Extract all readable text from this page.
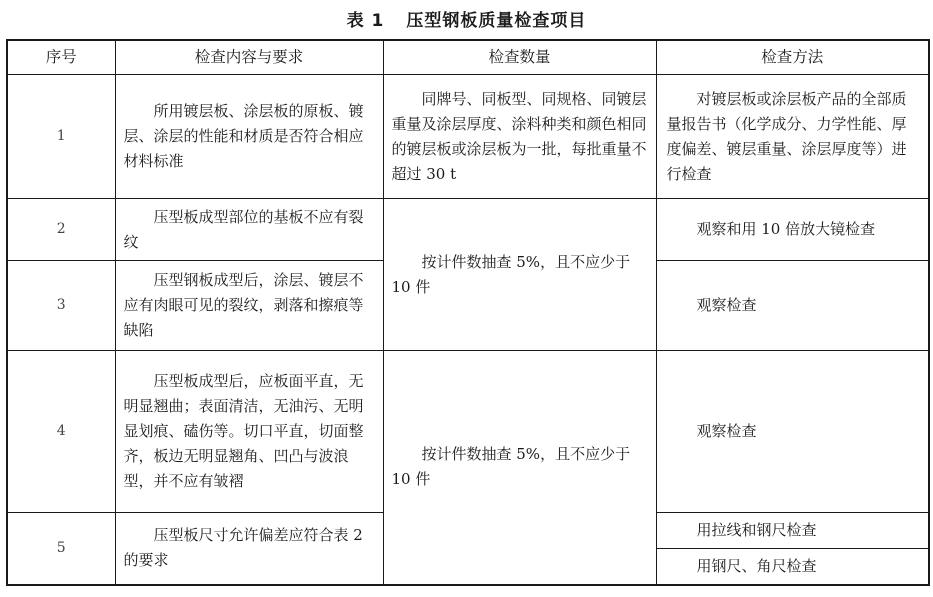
表 1 压型钢板质量检查项目
序号	检查内容与要求	检查数量	检查方法
1	所用镀层板、涂层板的原板、镀层、涂层的性能和材质是否符合相应材料标准	同牌号、同板型、同规格、同镀层重量及涂层厚度、涂料种类和颜色相同的镀层板或涂层板为一批，每批重量不超过 30 t	对镀层板或涂层板产品的全部质量报告书（化学成分、力学性能、厚度偏差、镀层重量、涂层厚度等）进行检查

2	压型板成型部位的基板不应有裂纹	按计件数抽查 5%，且不应少于 10 件	观察和用 10 倍放大镜检查

3	压型钢板成型后，涂层、镀层不应有肉眼可见的裂纹，剥落和擦痕等缺陷		观察检查

4	压型板成型后，应板面平直，无明显翘曲；表面清洁，无油污、无明显划痕、磕伤等。切口平直，切面整齐，板边无明显翘角、凹凸与波浪型，并不应有皱褶	按计件数抽查 5%，且不应少于 10 件	观察检查

5	压型板尺寸允许偏差应符合表 2 的要求		用拉线和钢尺检查

			用钢尺、角尺检查
